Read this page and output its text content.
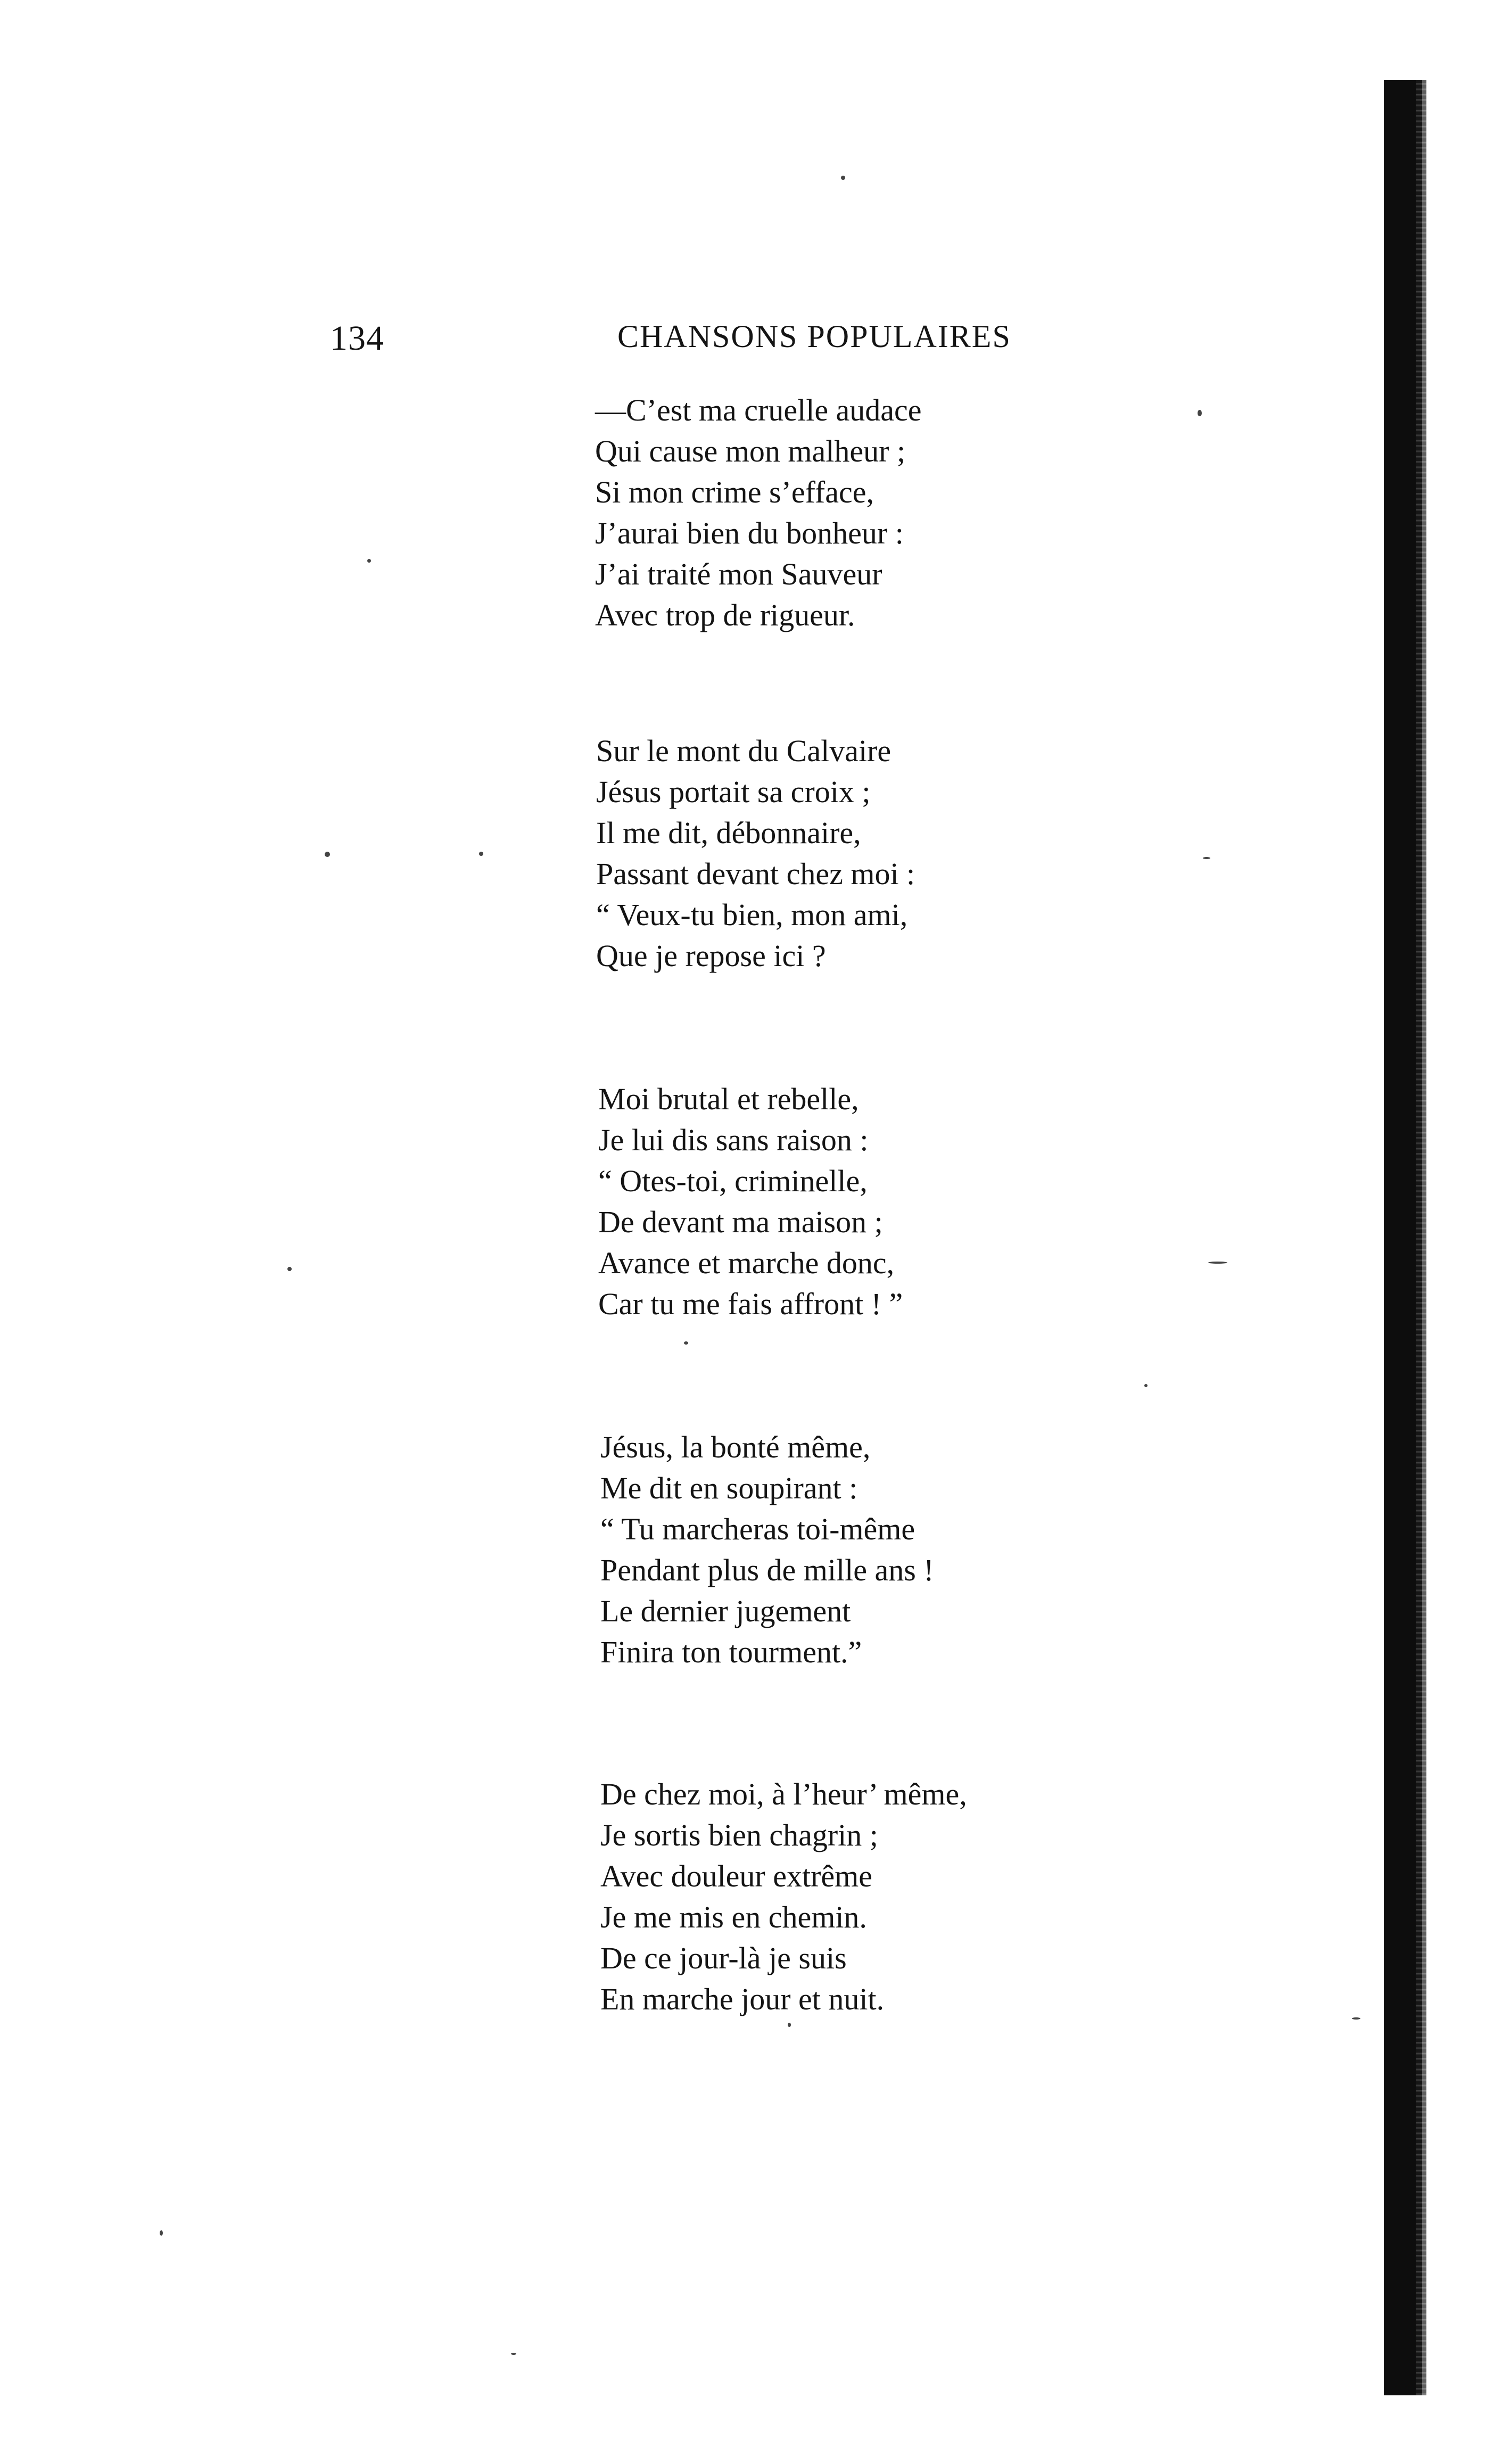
134	CHANSONS POPULAIRES
—C’est ma cruelle audace
Qui cause mon malheur ;
Si mon crime s’efface,
J’aurai bien du bonheur :
J’ai traité mon Sauveur
Avec trop de rigueur.
Sur le mont du Calvaire
Jésus portait sa croix ;
Il me dit, débonnaire,
Passant devant chez moi :
“ Veux-tu bien, mon ami,
Que je repose ici ?
Moi brutal et rebelle,
Je lui dis sans raison :
“ Otes-toi, criminelle,
De devant ma maison ;
Avance et marche donc,
Car tu me fais affront ! ”
Jésus, la bonté même,
Me dit en soupirant :
“ Tu marcheras toi-même
Pendant plus de mille ans !
Le dernier jugement
Finira ton tourment.”
De chez moi, à l’heur’ même,
Je sortis bien chagrin ;
Avec douleur extrême
Je me mis en chemin.
De ce jour-là je suis
En marche jour et nuit.
